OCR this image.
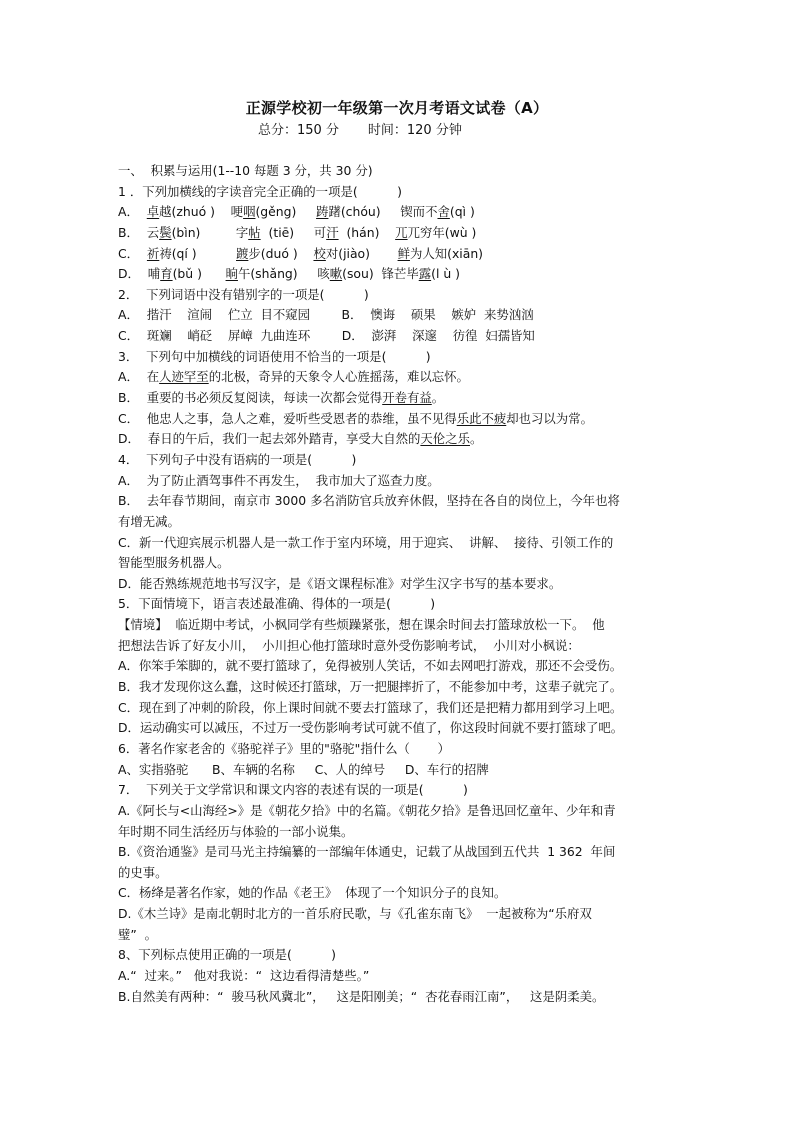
正源学校初一年级第一次月考语文试卷（A）
总分：150 分       时间：120 分钟
一、  积累与运用(1--10 每题 3 分，共 30 分)
1 ．下列加横线的字读音完全正确的一项是(          )
A．  卓越(zhuó )    哽咽(gěng)     踌躇(chóu)     锲而不舍(qì )
B．  云鬓(bìn)         字帖  (tiē)     可汗  (hán)    兀兀穷年(wù )
C．  祈祷(qí )          踱步(duó )    校对(jiào)       鲜为人知(xiān)
D．  哺育(bǔ )      晌午(shǎng)     咳嗽(sou)  锋芒毕露(l ù )
2．  下列词语中没有错别字的一项是(          )
A．  揩汗    渲闹    伫立  目不窥园        B．  懊诲    硕果    嫉妒  来势汹汹
C．  斑斓    峭砭    屏嶂  九曲连环        D．  澎湃    深邃    彷徨  妇孺皆知
3．  下列句中加横线的词语使用不恰当的一项是(          )
A．  在人迹罕至的北极，奇异的天象令人心旌摇荡，难以忘怀。
B．  重要的书必须反复阅读，每读一次都会觉得开卷有益。
C．  他忠人之事，急人之难，爱听些受恩者的恭维，虽不见得乐此不疲却也习以为常。
D．  春日的午后，我们一起去郊外踏青，享受大自然的天伦之乐。
4．  下列句子中没有语病的一项是(          )
A．  为了防止酒驾事件不再发生，  我市加大了巡查力度。
B．  去年春节期间，南京市 3000 多名消防官兵放弃休假，坚持在各自的岗位上，今年也将
有增无减。
C．新一代迎宾展示机器人是一款工作于室内环境，用于迎宾、  讲解、  接待、引领工作的
智能型服务机器人。
D．能否熟练规范地书写汉字，是《语文课程标准》对学生汉字书写的基本要求。
5．下面情境下，语言表述最准确、得体的一项是(          )
【情境】  临近期中考试，小枫同学有些烦躁紧张，想在课余时间去打篮球放松一下。  他
把想法告诉了好友小川，  小川担心他打篮球时意外受伤影响考试，  小川对小枫说：
A．你笨手笨脚的，就不要打篮球了，免得被别人笑话，不如去网吧打游戏，那还不会受伤。
B．我才发现你这么蠢，这时候还打篮球，万一把腿摔折了，不能参加中考，这辈子就完了。
C．现在到了冲刺的阶段，你上课时间就不要去打篮球了，我们还是把精力都用到学习上吧。
D．运动确实可以减压，不过万一受伤影响考试可就不值了，你这段时间就不要打篮球了吧。
6．著名作家老舍的《骆驼祥子》里的"骆驼"指什么（       ）
A、实指骆驼      B、车辆的名称     C、人的绰号     D、车行的招牌
7．  下列关于文学常识和课文内容的表述有误的一项是(          )
A.《阿长与<山海经>》是《朝花夕拾》中的名篇。《朝花夕拾》是鲁迅回忆童年、少年和青
年时期不同生活经历与体验的一部小说集。
B.《资治通鉴》是司马光主持编纂的一部编年体通史，记载了从战国到五代共  1 362  年间
的史事。
C．杨绛是著名作家，她的作品《老王》  体现了一个知识分子的良知。
D.《木兰诗》是南北朝时北方的一首乐府民歌，与《孔雀东南飞》  一起被称为“乐府双
璧”  。
8、下列标点使用正确的一项是(          )
A.“  过来。”   他对我说：“  这边看得清楚些。”
B.自然美有两种：“  骏马秋风冀北”，   这是阳刚美；“  杏花春雨江南”，   这是阴柔美。
